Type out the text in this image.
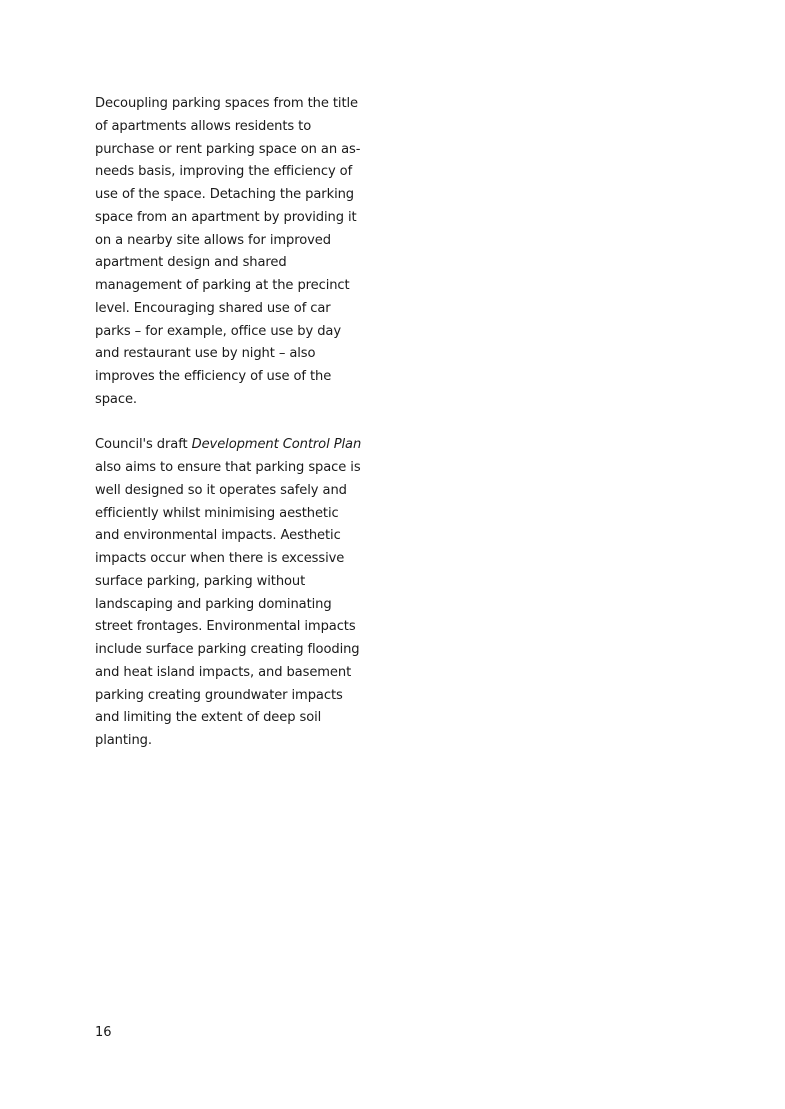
Decoupling parking spaces from the title
of apartments allows residents to
purchase or rent parking space on an as-
needs basis, improving the efficiency of
use of the space. Detaching the parking
space from an apartment by providing it
on a nearby site allows for improved
apartment design and shared
management of parking at the precinct
level. Encouraging shared use of car
parks – for example, office use by day
and restaurant use by night – also
improves the efficiency of use of the
space.

Council's draft Development Control Plan
also aims to ensure that parking space is
well designed so it operates safely and
efficiently whilst minimising aesthetic
and environmental impacts. Aesthetic
impacts occur when there is excessive
surface parking, parking without
landscaping and parking dominating
street frontages. Environmental impacts
include surface parking creating flooding
and heat island impacts, and basement
parking creating groundwater impacts
and limiting the extent of deep soil
planting.

16
